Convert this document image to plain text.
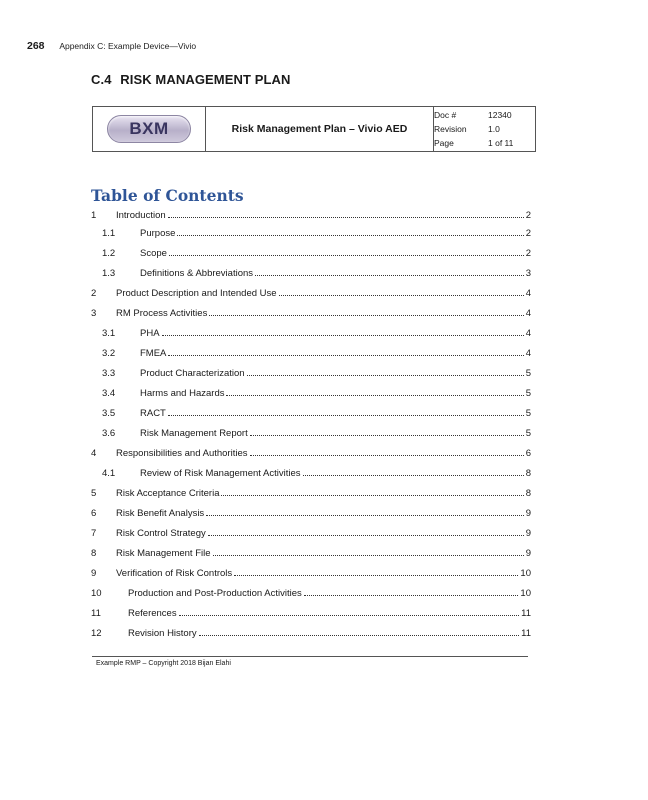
268 Appendix C: Example Device—Vivio
C.4 RISK MANAGEMENT PLAN
BXM	Risk Management Plan – Vivio AED	
Doc #	12340
Revision	1.0
Page	1 of 11
Table of Contents
1	Introduction	2
1.1	Purpose	2
1.2	Scope	2
1.3	Definitions & Abbreviations	3
2	Product Description and Intended Use	4
3	RM Process Activities	4
3.1	PHA	4
3.2	FMEA	4
3.3	Product Characterization	5
3.4	Harms and Hazards	5
3.5	RACT	5
3.6	Risk Management Report	5
4	Responsibilities and Authorities	6
4.1	Review of Risk Management Activities	8
5	Risk Acceptance Criteria	8
6	Risk Benefit Analysis	9
7	Risk Control Strategy	9
8	Risk Management File	9
9	Verification of Risk Controls	10
10	Production and Post-Production Activities	10
11	References	11
12	Revision History	11
Example RMP – Copyright 2018 Bijan Elahi
